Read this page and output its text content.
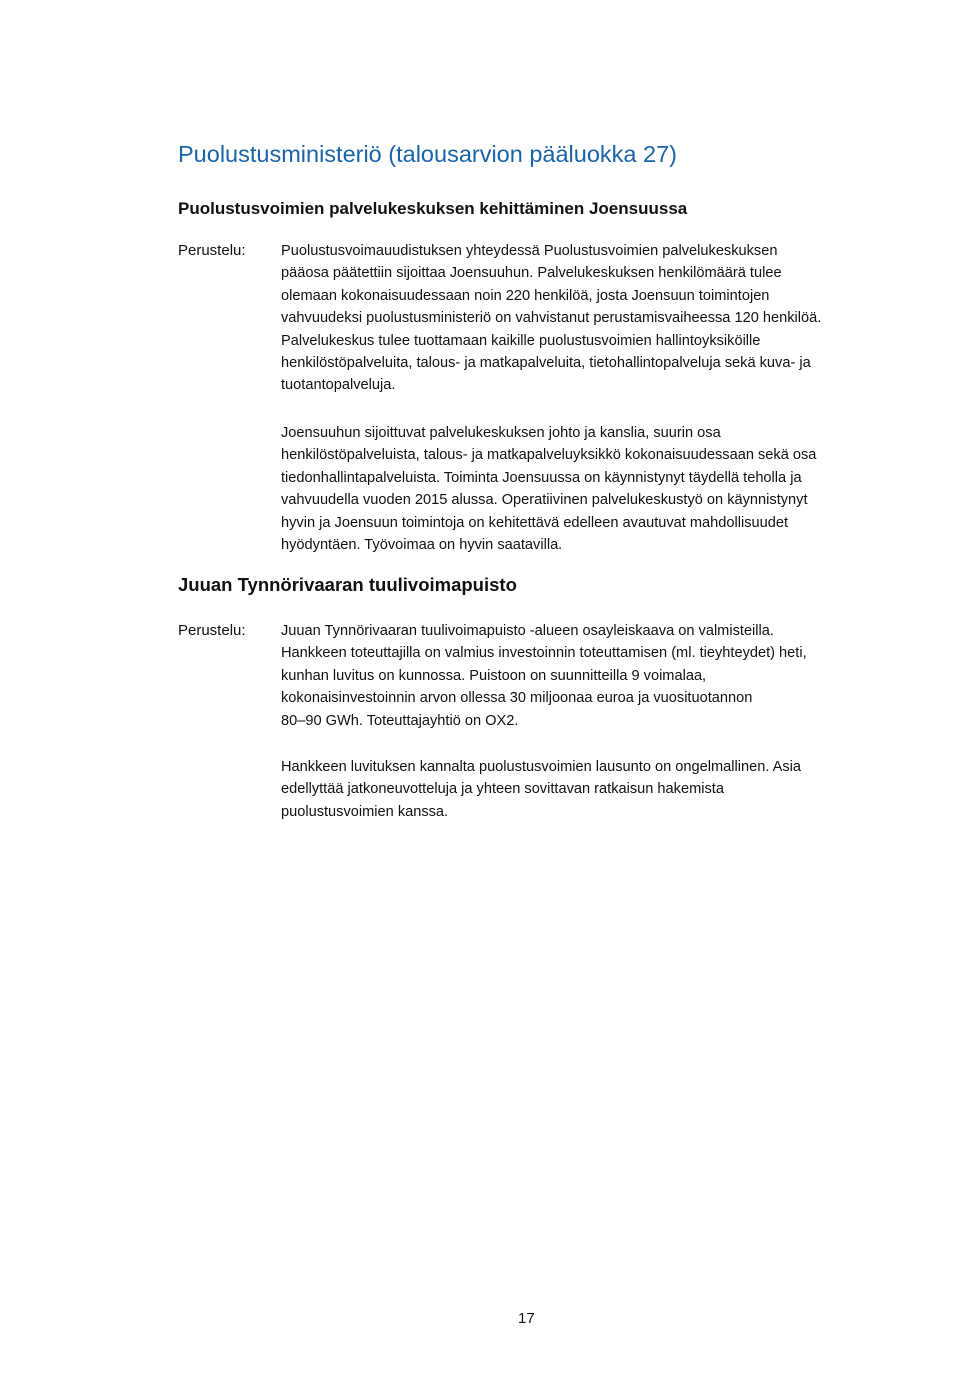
Puolustusministeriö (talousarvion pääluokka 27)
Puolustusvoimien palvelukeskuksen kehittäminen Joensuussa
Perustelu: Puolustusvoimauudistuksen yhteydessä Puolustusvoimien palvelukeskuksen
pääosa päätettiin sijoittaa Joensuuhun. Palvelukeskuksen henkilömäärä tulee
olemaan kokonaisuudessaan noin 220 henkilöä, josta Joensuun toimintojen
vahvuudeksi puolustusministeriö on vahvistanut perustamisvaiheessa 120 henkilöä.
Palvelukeskus tulee tuottamaan kaikille puolustusvoimien hallintoyksiköille
henkilöstöpalveluita, talous- ja matkapalveluita, tietohallintopalveluja sekä kuva- ja
tuotantopalveluja.
Joensuuhun sijoittuvat palvelukeskuksen johto ja kanslia, suurin osa
henkilöstöpalveluista, talous- ja matkapalveluyksikkö kokonaisuudessaan sekä osa
tiedonhallintapalveluista. Toiminta Joensuussa on käynnistynyt täydellä teholla ja
vahvuudella vuoden 2015 alussa. Operatiivinen palvelukeskustyö on käynnistynyt
hyvin ja Joensuun toimintoja on kehitettävä edelleen avautuvat mahdollisuudet
hyödyntäen. Työvoimaa on hyvin saatavilla.
Juuan Tynnörivaaran tuulivoimapuisto
Perustelu: Juuan Tynnörivaaran tuulivoimapuisto -alueen osayleiskaava on valmisteilla.
Hankkeen toteuttajilla on valmius investoinnin toteuttamisen (ml. tieyhteydet) heti,
kunhan luvitus on kunnossa. Puistoon on suunnitteilla 9 voimalaa,
kokonaisinvestoinnin arvon ollessa 30 miljoonaa euroa ja vuosituotannon
80–90 GWh. Toteuttajayhtiö on OX2.
Hankkeen luvituksen kannalta puolustusvoimien lausunto on ongelmallinen. Asia
edellyttää jatkoneuvotteluja ja yhteen sovittavan ratkaisun hakemista
puolustusvoimien kanssa.
17
